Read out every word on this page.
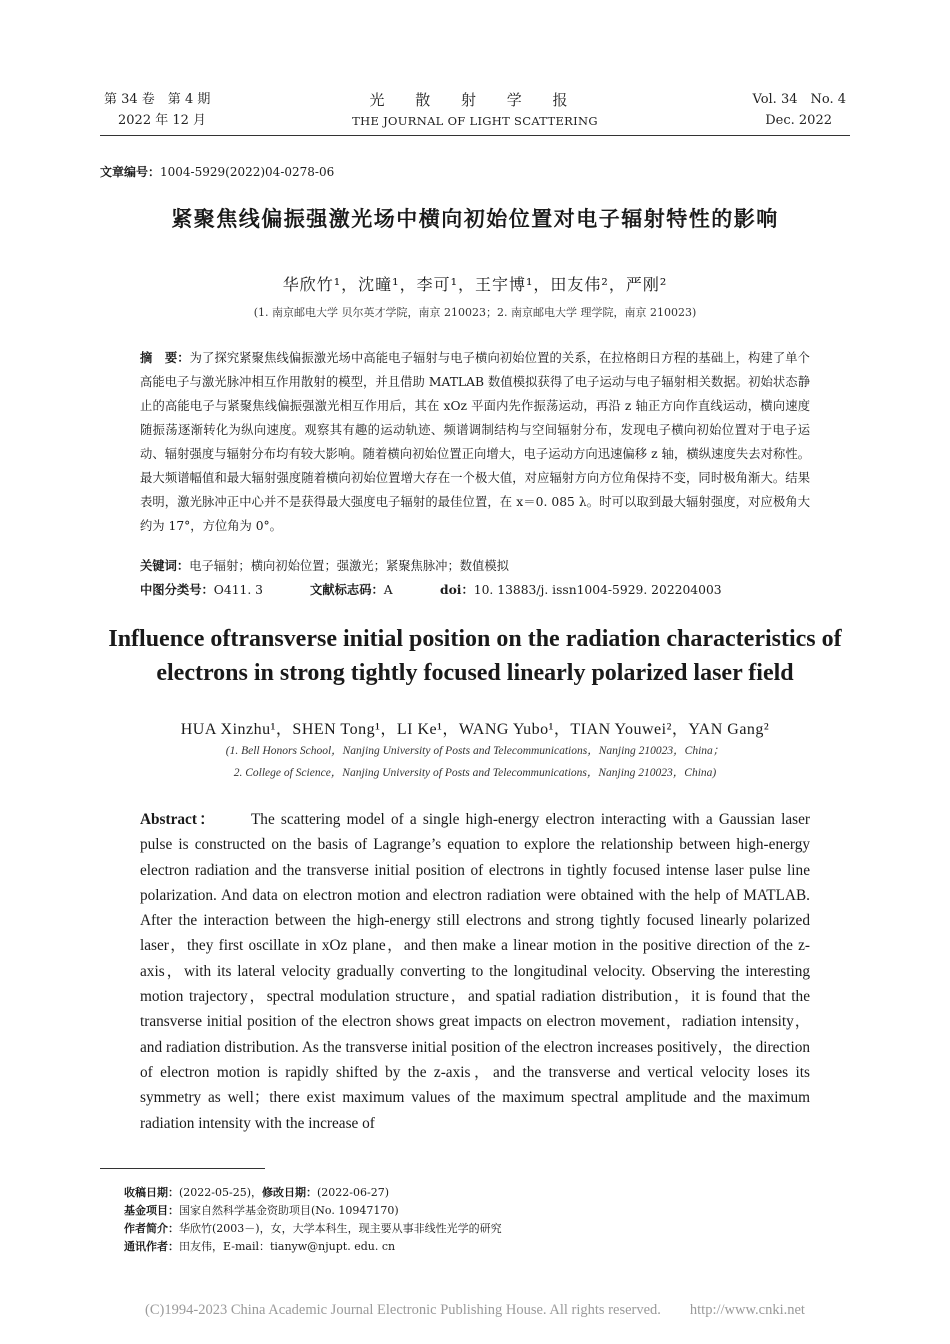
第 34 卷　第 4 期
2022 年 12 月
光 散 射 学 报
THE JOURNAL OF LIGHT SCATTERING
Vol. 34　No. 4
Dec. 2022
文章编号：1004-5929(2022)04-0278-06
紧聚焦线偏振强激光场中横向初始位置对电子辐射特性的影响
华欣竹¹，沈曈¹，李可¹，王宇博¹，田友伟²，严刚²
(1. 南京邮电大学 贝尔英才学院，南京 210023；2. 南京邮电大学 理学院，南京 210023)
摘　要：为了探究紧聚焦线偏振激光场中高能电子辐射与电子横向初始位置的关系，在拉格朗日方程的基础上，构建了单个高能电子与激光脉冲相互作用散射的模型，并且借助 MATLAB 数值模拟获得了电子运动与电子辐射相关数据。初始状态静止的高能电子与紧聚焦线偏振强激光相互作用后，其在 xOz 平面内先作振荡运动，再沿 z 轴正方向作直线运动，横向速度随振荡逐渐转化为纵向速度。观察其有趣的运动轨迹、频谱调制结构与空间辐射分布，发现电子横向初始位置对于电子运动、辐射强度与辐射分布均有较大影响。随着横向初始位置正向增大，电子运动方向迅速偏移 z 轴，横纵速度失去对称性。最大频谱幅值和最大辐射强度随着横向初始位置增大存在一个极大值，对应辐射方向方位角保持不变，同时极角渐大。结果表明，激光脉冲正中心并不是获得最大强度电子辐射的最佳位置，在 x＝0. 085 λ。时可以取到最大辐射强度，对应极角大约为 17°，方位角为 0°。
关键词：电子辐射；横向初始位置；强激光；紧聚焦脉冲；数值模拟
中图分类号：O411. 3	文献标志码：A	doi：10. 13883/j. issn1004-5929. 202204003
Influence oftransverse initial position on the radiation characteristics of
electrons in strong tightly focused linearly polarized laser field
HUA Xinzhu¹，SHEN Tong¹，LI Ke¹，WANG Yubo¹，TIAN Youwei²，YAN Gang²
(1. Bell Honors School，Nanjing University of Posts and Telecommunications，Nanjing 210023，China；
2. College of Science，Nanjing University of Posts and Telecommunications，Nanjing 210023，China)
Abstract： The scattering model of a single high-energy electron interacting with a Gaussian laser pulse is constructed on the basis of Lagrange’s equation to explore the relationship between high-energy electron radiation and the transverse initial position of electrons in tightly focused intense laser pulse line polarization. And data on electron motion and electron radiation were obtained with the help of MATLAB. After the interaction between the high-energy still electrons and strong tightly focused linearly polarized laser，they first oscillate in xOz plane，and then make a linear motion in the positive direction of the z-axis，with its lateral velocity gradually converting to the longitudinal velocity. Observing the interesting motion trajectory，spectral modulation structure，and spatial radiation distribution，it is found that the transverse initial position of the electron shows great impacts on electron movement，radiation intensity，and radiation distribution. As the transverse initial position of the electron increases positively，the direction of electron motion is rapidly shifted by the z-axis，and the transverse and vertical velocity loses its symmetry as well；there exist maximum values of the maximum spectral amplitude and the maximum radiation intensity with the increase of
收稿日期：(2022-05-25)，修改日期：(2022-06-27)
基金项目：国家自然科学基金资助项目(No. 10947170)
作者简介：华欣竹(2003－)，女，大学本科生，现主要从事非线性光学的研究
通讯作者：田友伟，E-mail：tianyw@njupt. edu. cn
(C)1994-2023 China Academic Journal Electronic Publishing House. All rights reserved.　　http://www.cnki.net
